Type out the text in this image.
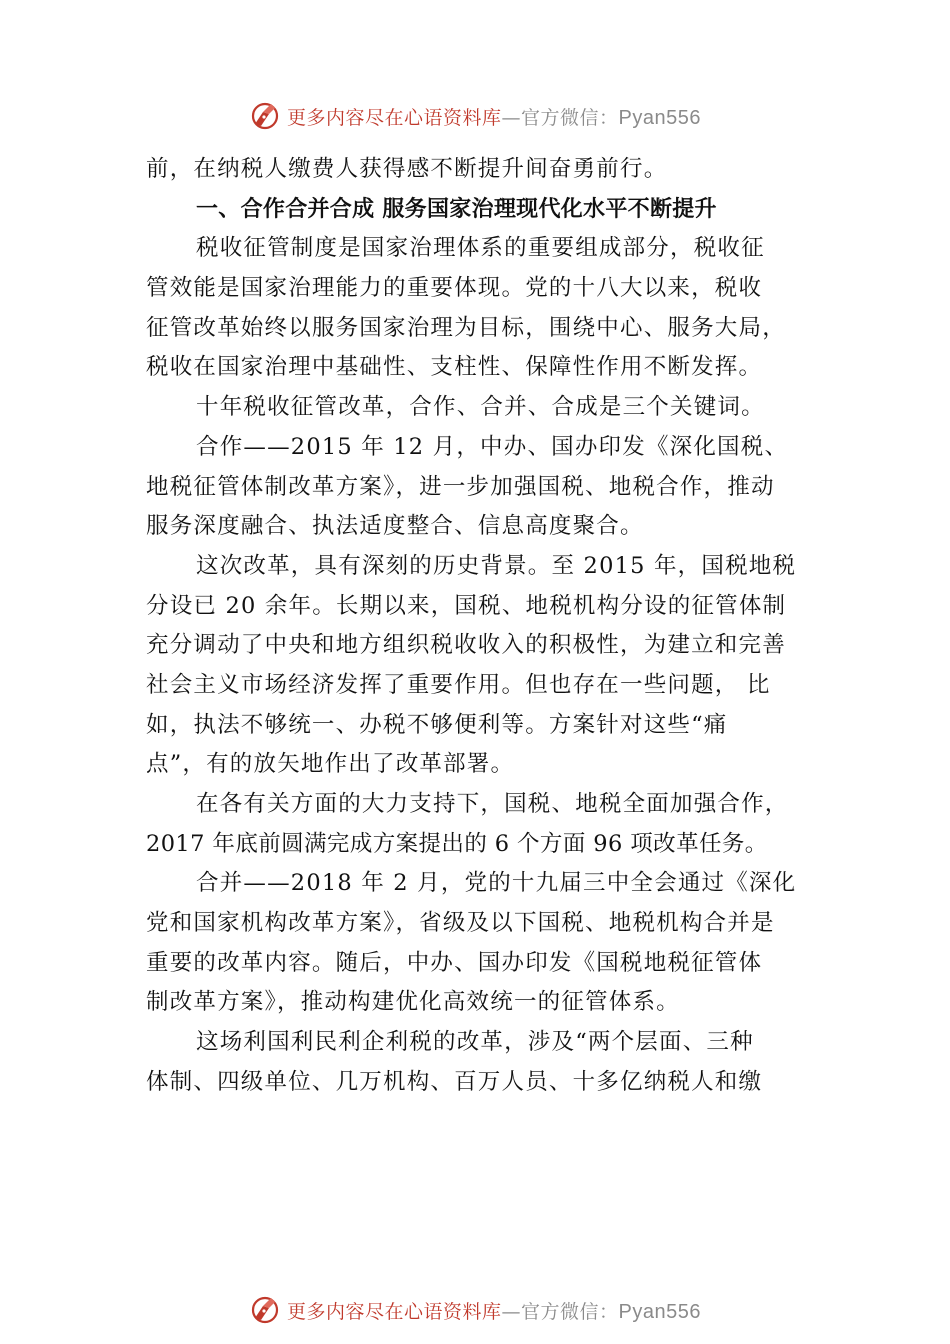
更多内容尽在心语资料库—官方微信：Pyan556
前，在纳税人缴费人获得感不断提升间奋勇前行。
一、合作合并合成 服务国家治理现代化水平不断提升
税收征管制度是国家治理体系的重要组成部分，税收征
管效能是国家治理能力的重要体现。党的十八大以来，税收
征管改革始终以服务国家治理为目标，围绕中心、服务大局，
税收在国家治理中基础性、支柱性、保障性作用不断发挥。
十年税收征管改革，合作、合并、合成是三个关键词。
合作——2015 年 12 月，中办、国办印发《深化国税、
地税征管体制改革方案》，进一步加强国税、地税合作，推动
服务深度融合、执法适度整合、信息高度聚合。
这次改革，具有深刻的历史背景。至 2015 年，国税地税
分设已 20 余年。长期以来，国税、地税机构分设的征管体制
充分调动了中央和地方组织税收收入的积极性，为建立和完善
社会主义市场经济发挥了重要作用。但也存在一些问题， 比
如，执法不够统一、办税不够便利等。方案针对这些“痛
点”，有的放矢地作出了改革部署。
在各有关方面的大力支持下，国税、地税全面加强合作，
2017 年底前圆满完成方案提出的 6 个方面 96 项改革任务。
合并——2018 年 2 月，党的十九届三中全会通过《深化
党和国家机构改革方案》，省级及以下国税、地税机构合并是
重要的改革内容。随后，中办、国办印发《国税地税征管体
制改革方案》，推动构建优化高效统一的征管体系。
这场利国利民利企利税的改革，涉及“两个层面、三种
体制、四级单位、几万机构、百万人员、十多亿纳税人和缴
更多内容尽在心语资料库—官方微信：Pyan556
